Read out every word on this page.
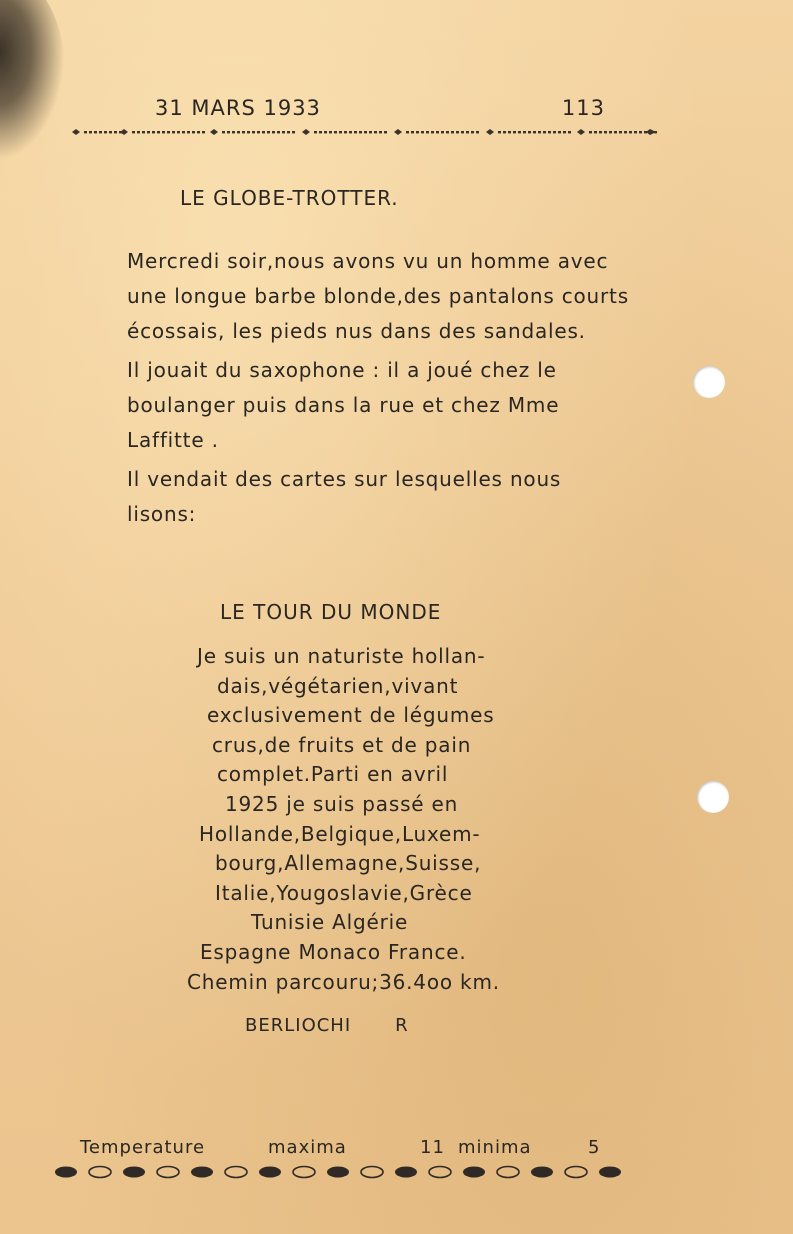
31 MARS 1933	113
LE GLOBE-TROTTER.

Mercredi soir,nous avons vu un homme avec une longue barbe blonde,des pantalons courts écossais, les pieds nus dans des sandales.

Il jouait du saxophone : il a joué chez le boulanger puis dans la rue et chez Mme Laffitte .

Il vendait des cartes sur lesquelles nous lisons:

LE TOUR DU MONDE
Je suis un naturiste hollan-
dais,végétarien,vivant
exclusivement de légumes
crus,de fruits et de pain
complet.Parti en avril
1925 je suis passé en
Hollande,Belgique,Luxem-
bourg,Allemagne,Suisse,
Italie,Yougoslavie,Grèce
Tunisie Algérie
Espagne Monaco France.
Chemin parcouru;36.4oo km.
BERLIOCHI R
Temperature	maxima	11 minima	5
